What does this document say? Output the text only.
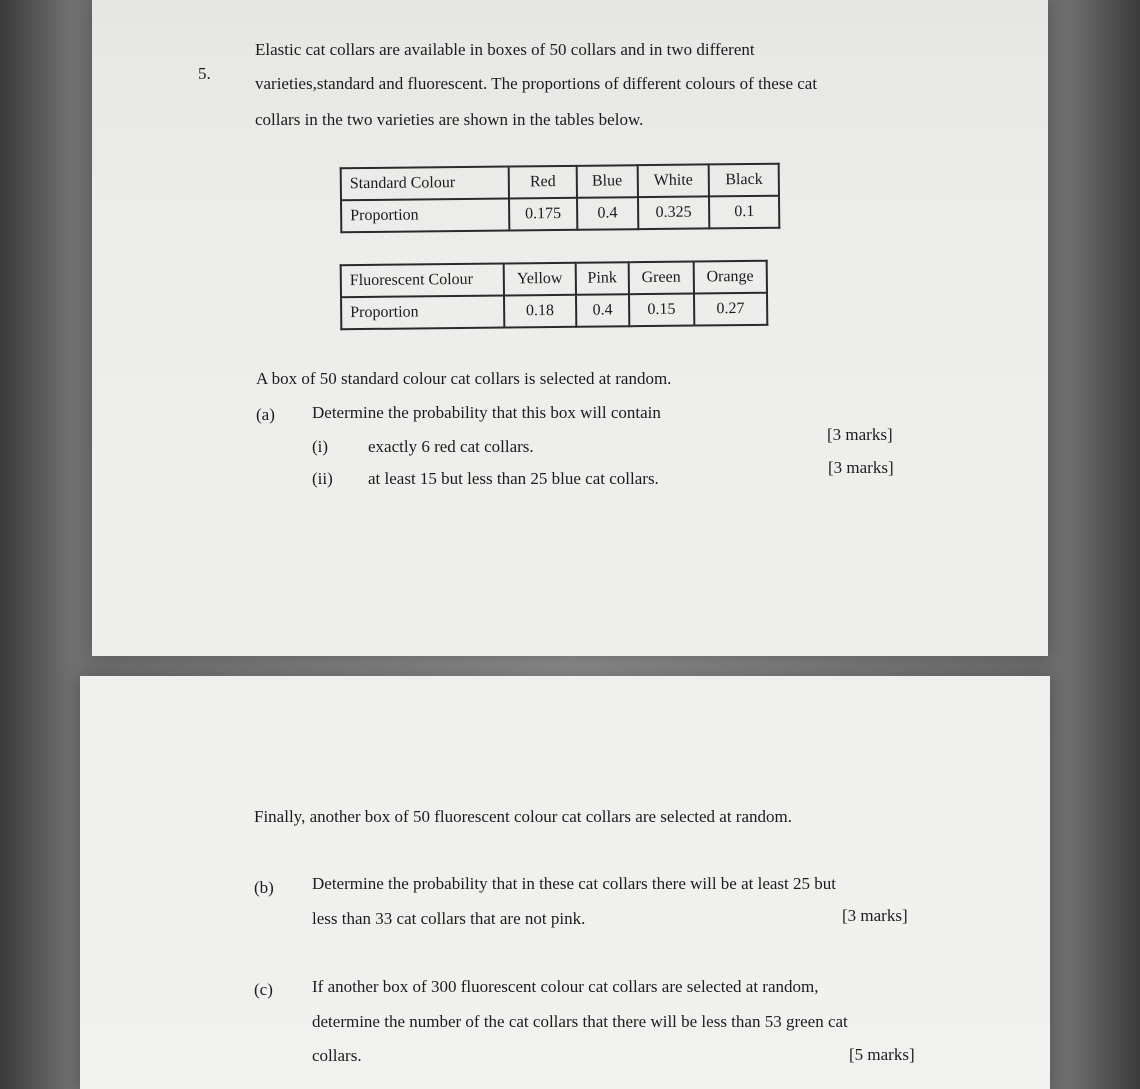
5.
Elastic cat collars are available in boxes of 50 collars and in two different
varieties,standard and fluorescent. The proportions of different colours of these cat
collars in the two varieties are shown in the tables below.
Standard Colour	Red	Blue	White	Black
Proportion	0.175	0.4	0.325	0.1
Fluorescent Colour	Yellow	Pink	Green	Orange
Proportion	0.18	0.4	0.15	0.27
A box of 50 standard colour cat collars is selected at random.
(a) Determine the probability that this box will contain
(i) exactly 6 red cat collars.
[3 marks]
(ii) at least 15 but less than 25 blue cat collars.
[3 marks]
Finally, another box of 50 fluorescent colour cat collars are selected at random.
(b) Determine the probability that in these cat collars there will be at least 25 but
less than 33 cat collars that are not pink.	[3 marks]
(c) If another box of 300 fluorescent colour cat collars are selected at random,
determine the number of the cat collars that there will be less than 53 green cat
collars.	[5 marks]
